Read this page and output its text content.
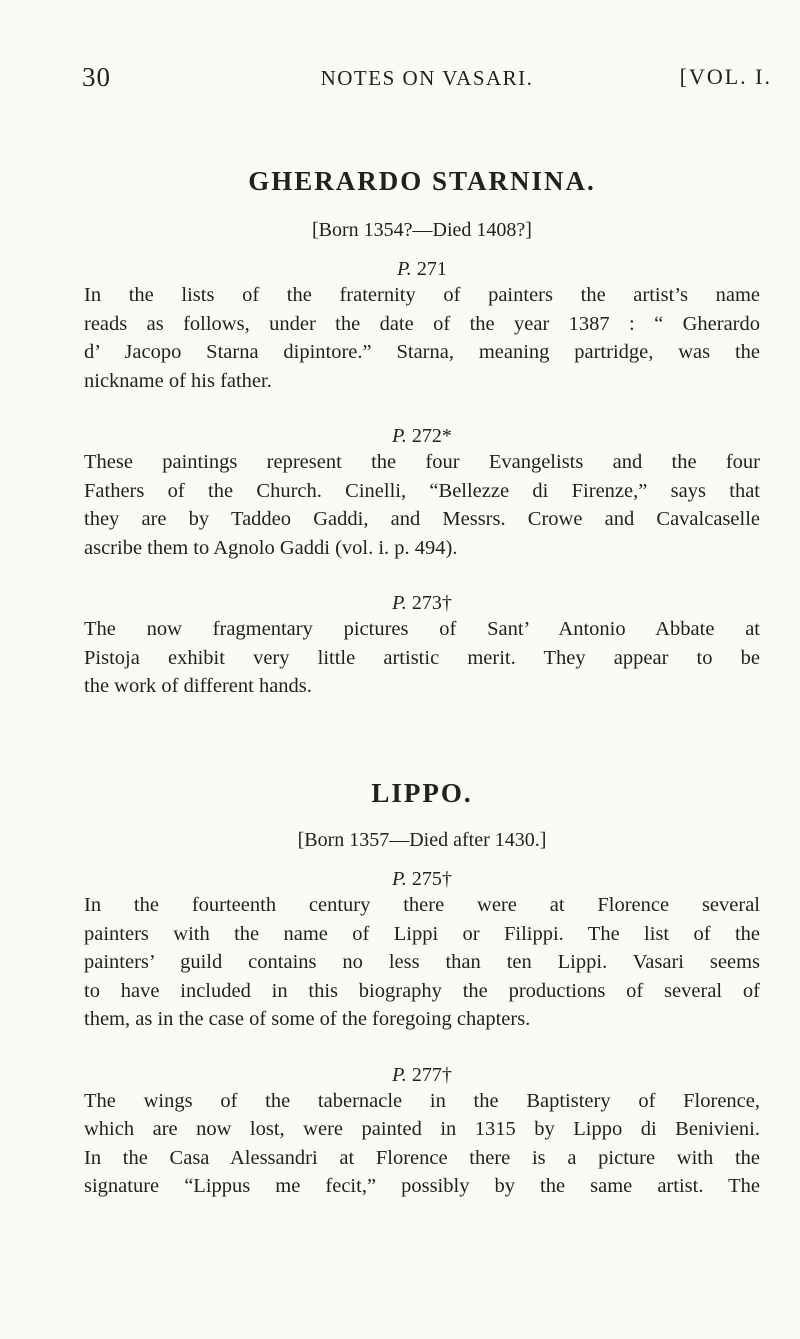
30	NOTES ON VASARI.	[VOL. I.
GHERARDO STARNINA.

[Born 1354?—Died 1408?]

P. 271

In the lists of the fraternity of painters the artist’s name
reads as follows, under the date of the year 1387 : “ Gherardo
d’ Jacopo Starna dipintore.” Starna, meaning partridge, was the
nickname of his father.

P. 272*

These paintings represent the four Evangelists and the four
Fathers of the Church. Cinelli, “Bellezze di Firenze,” says that
they are by Taddeo Gaddi, and Messrs. Crowe and Cavalcaselle
ascribe them to Agnolo Gaddi (vol. i. p. 494).

P. 273†

The now fragmentary pictures of Sant’ Antonio Abbate at
Pistoja exhibit very little artistic merit. They appear to be
the work of different hands.

LIPPO.

[Born 1357—Died after 1430.]

P. 275†

In the fourteenth century there were at Florence several
painters with the name of Lippi or Filippi. The list of the
painters’ guild contains no less than ten Lippi. Vasari seems
to have included in this biography the productions of several of
them, as in the case of some of the foregoing chapters.

P. 277†

The wings of the tabernacle in the Baptistery of Florence,
which are now lost, were painted in 1315 by Lippo di Benivieni.
In the Casa Alessandri at Florence there is a picture with the
signature “Lippus me fecit,” possibly by the same artist. The
